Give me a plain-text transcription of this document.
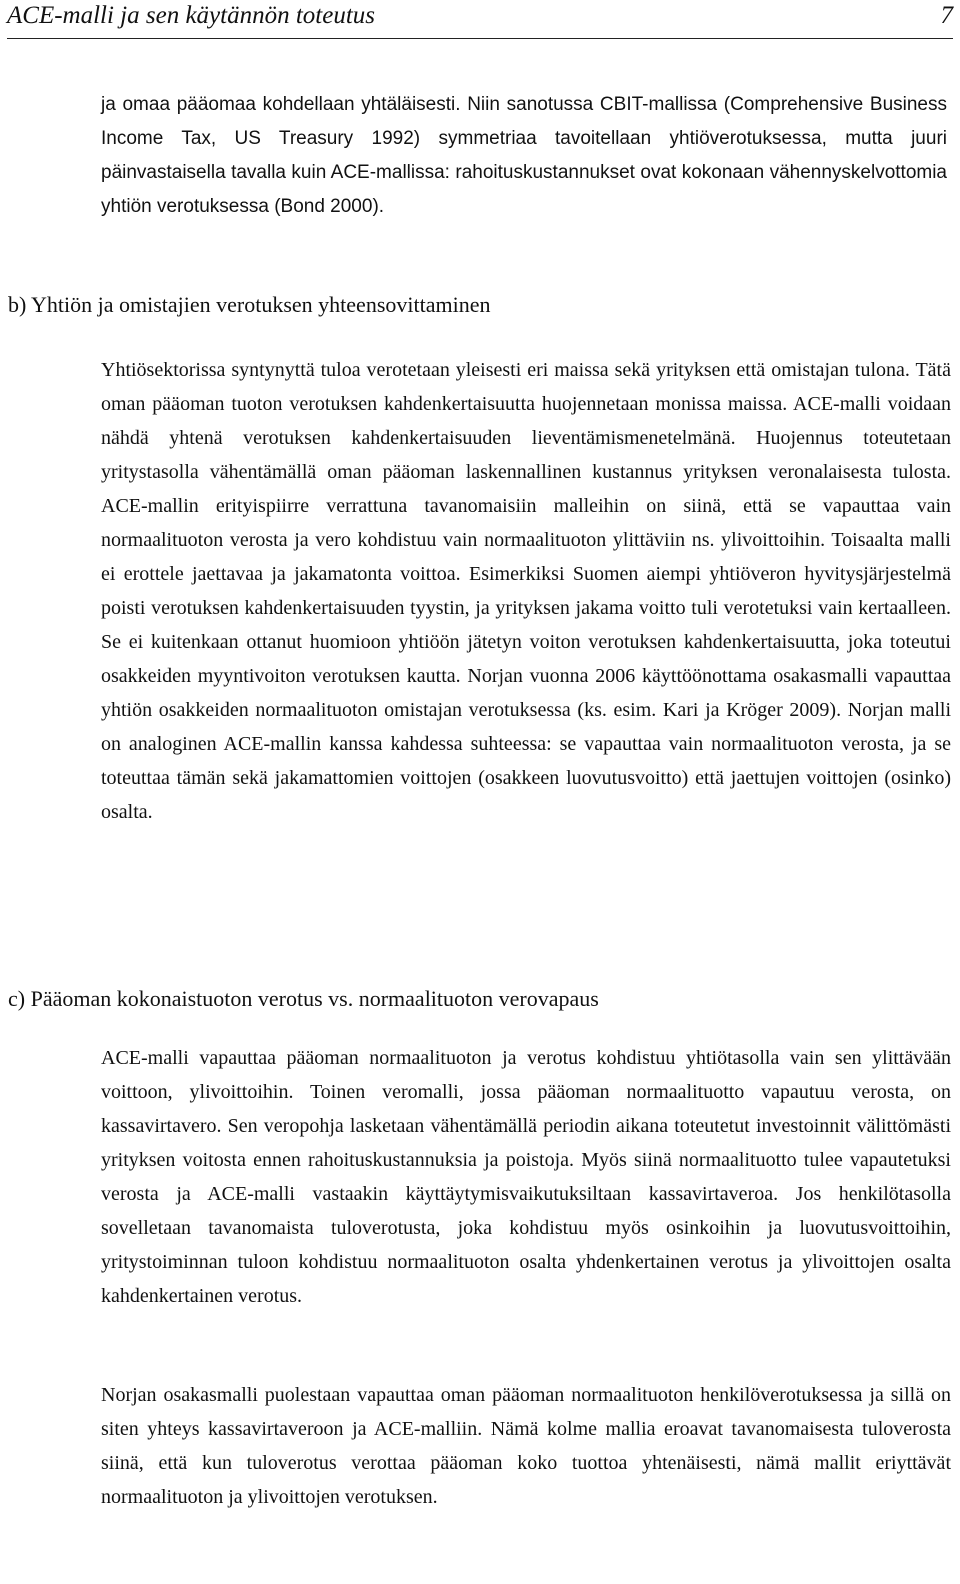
ACE-malli ja sen käytännön toteutus	7

ja omaa pääomaa kohdellaan yhtäläisesti. Niin sanotussa CBIT-mallissa (Comprehensive Business Income Tax, US Treasury 1992) symmetriaa tavoitellaan yhtiöverotuksessa, mutta juuri päinvastaisella tavalla kuin ACE-mallissa: rahoituskustannukset ovat kokonaan vähennyskelvottomia yhtiön verotuksessa (Bond 2000).

b) Yhtiön ja omistajien verotuksen yhteensovittaminen

Yhtiösektorissa syntynyttä tuloa verotetaan yleisesti eri maissa sekä yrityksen että omistajan tulona. Tätä oman pääoman tuoton verotuksen kahdenkertaisuutta huojennetaan monissa maissa. ACE-malli voidaan nähdä yhtenä verotuksen kahdenkertaisuuden lieventämismenetelmänä. Huojennus toteutetaan yritystasolla vähentämällä oman pääoman laskennallinen kustannus yrityksen veronalaisesta tulosta. ACE-mallin erityispiirre verrattuna tavanomaisiin malleihin on siinä, että se vapauttaa vain normaalituoton verosta ja vero kohdistuu vain normaalituoton ylittäviin ns. ylivoittoihin. Toisaalta malli ei erottele jaettavaa ja jakamatonta voittoa. Esimerkiksi Suomen aiempi yhtiöveron hyvitysjärjestelmä poisti verotuksen kahdenkertaisuuden tyystin, ja yrityksen jakama voitto tuli verotetuksi vain kertaalleen. Se ei kuitenkaan ottanut huomioon yhtiöön jätetyn voiton verotuksen kahdenkertaisuutta, joka toteutui osakkeiden myyntivoiton verotuksen kautta. Norjan vuonna 2006 käyttöönottama osakasmalli vapauttaa yhtiön osakkeiden normaalituoton omistajan verotuksessa (ks. esim. Kari ja Kröger 2009). Norjan malli on analoginen ACE-mallin kanssa kahdessa suhteessa: se vapauttaa vain normaalituoton verosta, ja se toteuttaa tämän sekä jakamattomien voittojen (osakkeen luovutusvoitto) että jaettujen voittojen (osinko) osalta.

c) Pääoman kokonaistuoton verotus vs. normaalituoton verovapaus

ACE-malli vapauttaa pääoman normaalituoton ja verotus kohdistuu yhtiötasolla vain sen ylittävään voittoon, ylivoittoihin. Toinen veromalli, jossa pääoman normaalituotto vapautuu verosta, on kassavirtavero. Sen veropohja lasketaan vähentämällä periodin aikana toteutetut investoinnit välittömästi yrityksen voitosta ennen rahoituskustannuksia ja poistoja. Myös siinä normaalituotto tulee vapautetuksi verosta ja ACE-malli vastaakin käyttäytymisvaikutuksiltaan kassavirtaveroa. Jos henkilötasolla sovelletaan tavanomaista tuloverotusta, joka kohdistuu myös osinkoihin ja luovutusvoittoihin, yritystoiminnan tuloon kohdistuu normaalituoton osalta yhdenkertainen verotus ja ylivoittojen osalta kahdenkertainen verotus.

Norjan osakasmalli puolestaan vapauttaa oman pääoman normaalituoton henkilöverotuksessa ja sillä on siten yhteys kassavirtaveroon ja ACE-malliin. Nämä kolme mallia eroavat tavanomaisesta tuloverosta siinä, että kun tuloverotus verottaa pääoman koko tuottoa yhtenäisesti, nämä mallit eriyttävät normaalituoton ja ylivoittojen verotuksen.
